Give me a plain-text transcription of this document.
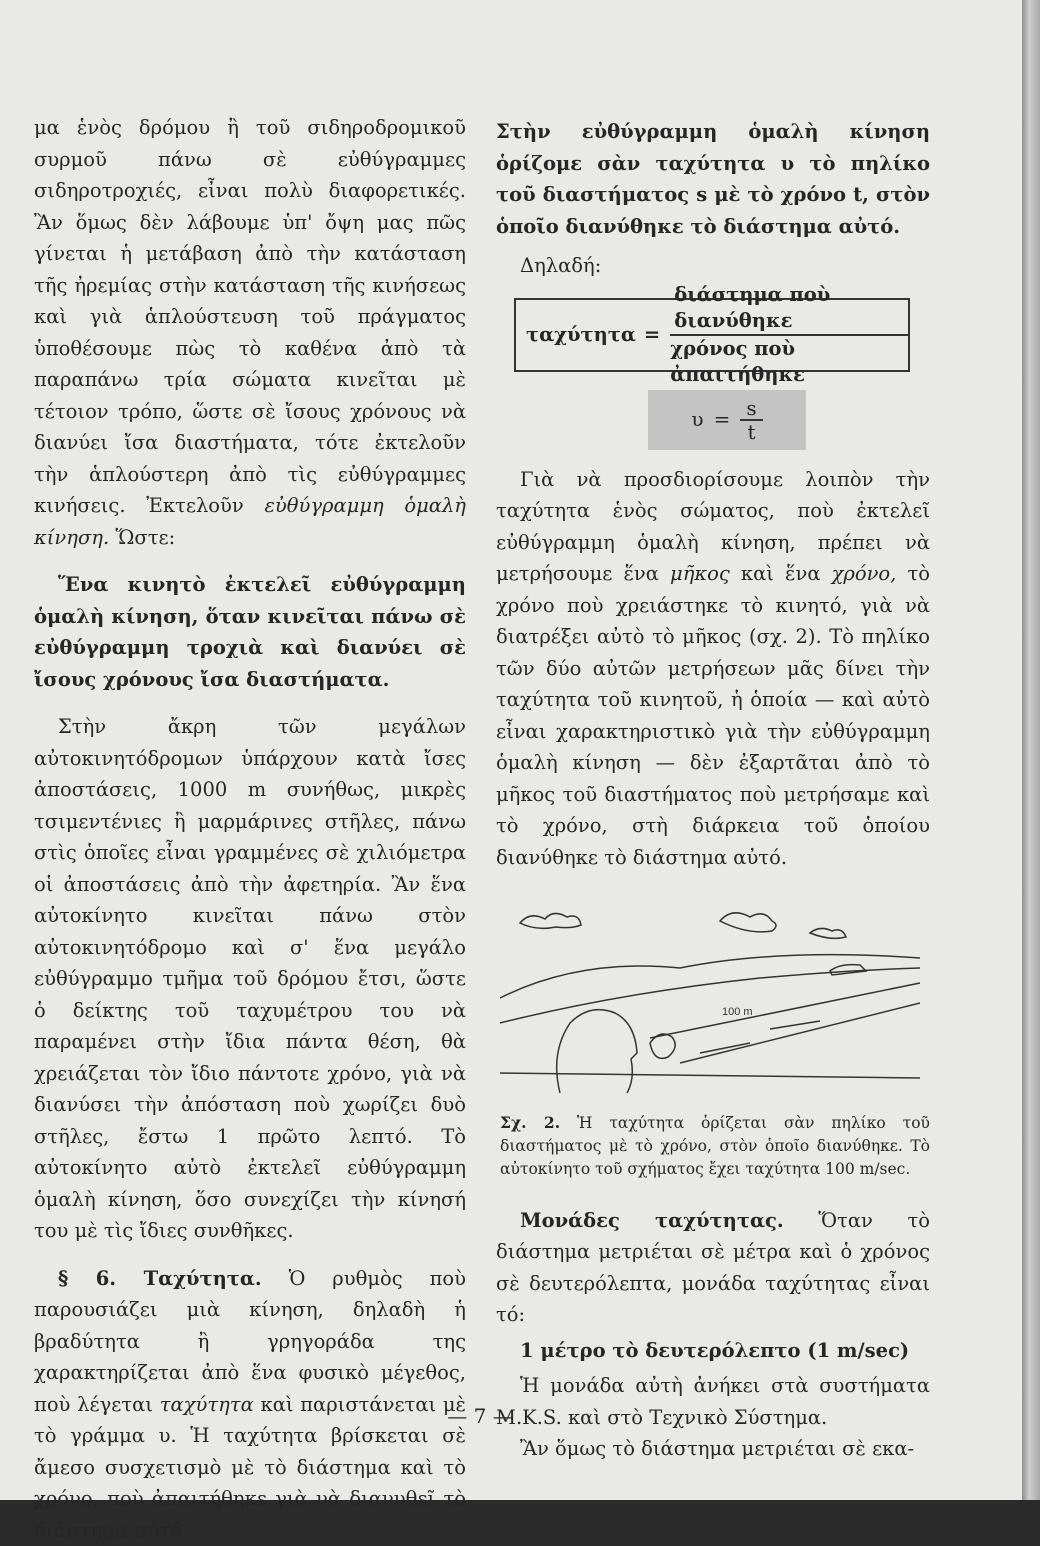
μα ἑνὸς δρόμου ἢ τοῦ σιδηροδρομικοῦ συρμοῦ πάνω σὲ εὐθύγραμμες σιδηροτροχιές, εἶναι πολὺ διαφορετικές. Ἂν ὅμως δὲν λάβουμε ὑπ' ὄψη μας πῶς γίνεται ἡ μετάβαση ἀπὸ τὴν κατάσταση τῆς ἠρεμίας στὴν κατάσταση τῆς κινήσεως καὶ γιὰ ἁπλούστευση τοῦ πράγματος ὑποθέσουμε πὼς τὸ καθένα ἀπὸ τὰ παραπάνω τρία σώματα κινεῖται μὲ τέτοιον τρόπο, ὥστε σὲ ἴσους χρόνους νὰ διανύει ἴσα διαστήματα, τότε ἐκτελοῦν τὴν ἁπλούστερη ἀπὸ τὶς εὐθύγραμμες κινήσεις. Ἐκτελοῦν εὐθύγραμμη ὁμαλὴ κίνηση. Ὥστε:

Ἕνα κινητὸ ἐκτελεῖ εὐθύγραμμη ὁμαλὴ κίνηση, ὅταν κινεῖται πάνω σὲ εὐθύγραμμη τροχιὰ καὶ διανύει σὲ ἴσους χρόνους ἴσα διαστήματα.

Στὴν ἄκρη τῶν μεγάλων αὐτοκινητόδρομων ὑπάρχουν κατὰ ἴσες ἀποστάσεις, 1000 m συνήθως, μικρὲς τσιμεντένιες ἢ μαρμάρινες στῆλες, πάνω στὶς ὁποῖες εἶναι γραμμένες σὲ χιλιόμετρα οἱ ἀποστάσεις ἀπὸ τὴν ἀφετηρία. Ἂν ἕνα αὐτοκίνητο κινεῖται πάνω στὸν αὐτοκινητόδρομο καὶ σ' ἕνα μεγάλο εὐθύγραμμο τμῆμα τοῦ δρόμου ἔτσι, ὥστε ὁ δείκτης τοῦ ταχυμέτρου του νὰ παραμένει στὴν ἴδια πάντα θέση, θὰ χρειάζεται τὸν ἴδιο πάντοτε χρόνο, γιὰ νὰ διανύσει τὴν ἀπόσταση ποὺ χωρίζει δυὸ στῆλες, ἔστω 1 πρῶτο λεπτό. Τὸ αὐτοκίνητο αὐτὸ ἐκτελεῖ εὐθύγραμμη ὁμαλὴ κίνηση, ὅσο συνεχίζει τὴν κίνησή του μὲ τὶς ἴδιες συνθῆκες.

§ 6. Ταχύτητα. Ὁ ρυθμὸς ποὺ παρουσιάζει μιὰ κίνηση, δηλαδὴ ἡ βραδύτητα ἢ γρηγοράδα της χαρακτηρίζεται ἀπὸ ἕνα φυσικὸ μέγεθος, ποὺ λέγεται ταχύτητα καὶ παριστάνεται μὲ τὸ γράμμα υ. Ἡ ταχύτητα βρίσκεται σὲ ἄμεσο συσχετισμὸ μὲ τὸ διάστημα καὶ τὸ χρόνο, ποὺ ἀπαιτήθηκε γιὰ νὰ διανυθεῖ τὸ διάστημα αὐτό.

Στὴν εὐθύγραμμη ὁμαλὴ κίνηση ὁρίζομε σὰν ταχύτητα υ τὸ πηλίκο τοῦ διαστήματος s μὲ τὸ χρόνο t, στὸν ὁποῖο διανύθηκε τὸ διάστημα αὐτό.

Δηλαδή:

$\tau\alpha\chi ύ\tau\eta\tau\alpha = \frac{\text{διάστημα ποὺ διανύθηκε}}{\text{χρόνος ποὺ ἀπαιτήθηκε}}$
$\upsilon = \frac{s}{t}$

Γιὰ νὰ προσδιορίσουμε λοιπὸν τὴν ταχύτητα ἑνὸς σώματος, ποὺ ἐκτελεῖ εὐθύγραμμη ὁμαλὴ κίνηση, πρέπει νὰ μετρήσουμε ἕνα μῆκος καὶ ἕνα χρόνο, τὸ χρόνο ποὺ χρειάστηκε τὸ κινητό, γιὰ νὰ διατρέξει αὐτὸ τὸ μῆκος (σχ. 2). Τὸ πηλίκο τῶν δύο αὐτῶν μετρήσεων μᾶς δίνει τὴν ταχύτητα τοῦ κινητοῦ, ἡ ὁποία — καὶ αὐτὸ εἶναι χαρακτηριστικὸ γιὰ τὴν εὐθύγραμμη ὁμαλὴ κίνηση — δὲν ἐξαρτᾶται ἀπὸ τὸ μῆκος τοῦ διαστήματος ποὺ μετρήσαμε καὶ τὸ χρόνο, στὴ διάρκεια τοῦ ὁποίου διανύθηκε τὸ διάστημα αὐτό.

100 m

Σχ. 2. Ἡ ταχύτητα ὁρίζεται σὰν πηλίκο τοῦ διαστήματος μὲ τὸ χρόνο, στὸν ὁποῖο διανύθηκε. Τὸ αὐτοκίνητο τοῦ σχήματος ἔχει ταχύτητα 100 m/sec.

Μονάδες ταχύτητας. Ὅταν τὸ διάστημα μετριέται σὲ μέτρα καὶ ὁ χρόνος σὲ δευτερόλεπτα, μονάδα ταχύτητας εἶναι τό:

1 μέτρο τὸ δευτερόλεπτο (1 m/sec)

Ἡ μονάδα αὐτὴ ἀνήκει στὰ συστήματα M.K.S. καὶ στὸ Τεχνικὸ Σύστημα.

Ἂν ὅμως τὸ διάστημα μετριέται σὲ εκα-

— 7 —
